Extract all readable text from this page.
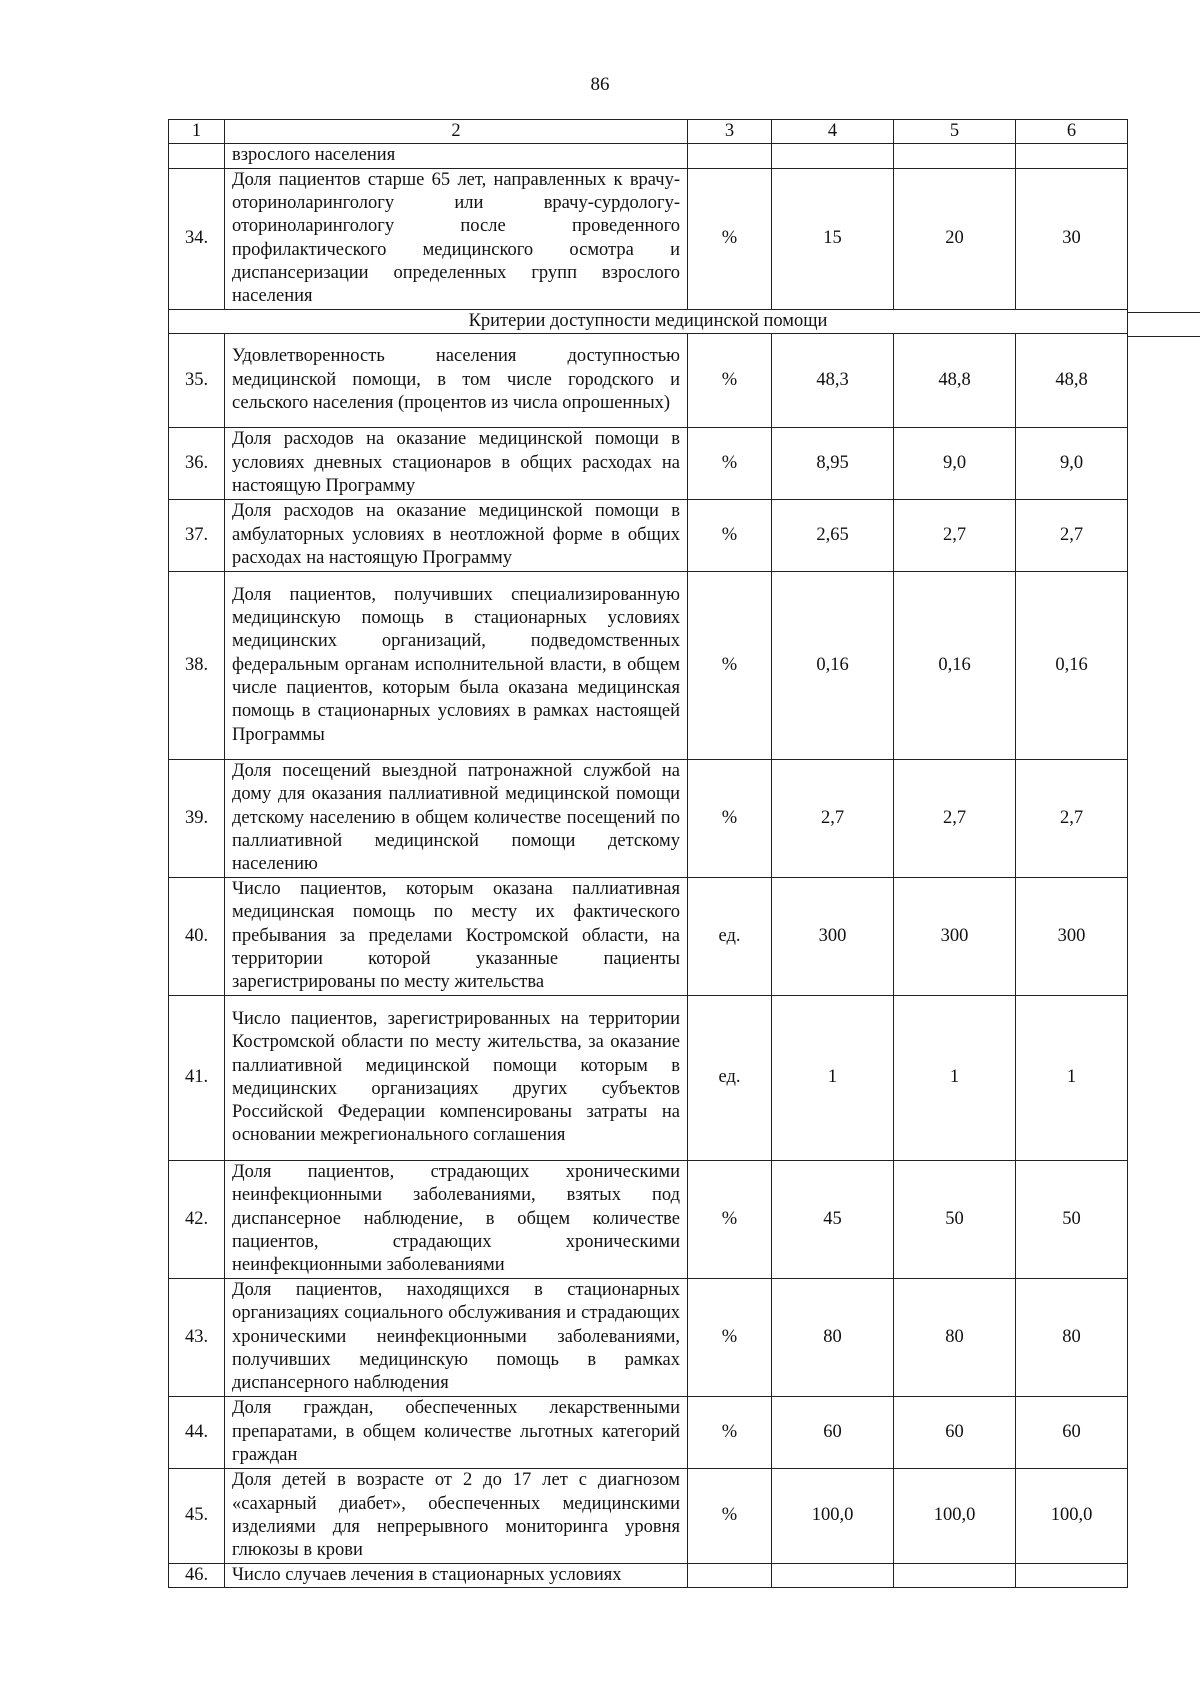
86
1	2	3	4	5	6
	взрослого населения				
34.	Доля пациентов старше 65 лет, направленных к врачу-оториноларингологу или врачу-сурдологу-оториноларингологу после проведенного профилактического медицинского осмотра и диспансеризации определенных групп взрослого населения	%	15	20	30
Критерии доступности медицинской помощи					
35.	Удовлетворенность населения доступностью медицинской помощи, в том числе городского и сельского населения (процентов из числа опрошенных)	%	48,3	48,8	48,8
36.	Доля расходов на оказание медицинской помощи в условиях дневных стационаров в общих расходах на настоящую Программу	%	8,95	9,0	9,0
37.	Доля расходов на оказание медицинской помощи в амбулаторных условиях в неотложной форме в общих расходах на настоящую Программу	%	2,65	2,7	2,7
38.	Доля пациентов, получивших специализированную медицинскую помощь в стационарных условиях медицинских организаций, подведомственных федеральным органам исполнительной власти, в общем числе пациентов, которым была оказана медицинская помощь в стационарных условиях в рамках настоящей Программы	%	0,16	0,16	0,16
39.	Доля посещений выездной патронажной службой на дому для оказания паллиативной медицинской помощи детскому населению в общем количестве посещений по паллиативной медицинской помощи детскому населению	%	2,7	2,7	2,7
40.	Число пациентов, которым оказана паллиативная медицинская помощь по месту их фактического пребывания за пределами Костромской области, на территории которой указанные пациенты зарегистрированы по месту жительства	ед.	300	300	300
41.	Число пациентов, зарегистрированных на территории Костромской области по месту жительства, за оказание паллиативной медицинской помощи которым в медицинских организациях других субъектов Российской Федерации компенсированы затраты на основании межрегионального соглашения	ед.	1	1	1
42.	Доля пациентов, страдающих хроническими неинфекционными заболеваниями, взятых под диспансерное наблюдение, в общем количестве пациентов, страдающих хроническими неинфекционными заболеваниями	%	45	50	50
43.	Доля пациентов, находящихся в стационарных организациях социального обслуживания и страдающих хроническими неинфекционными заболеваниями, получивших медицинскую помощь в рамках диспансерного наблюдения	%	80	80	80
44.	Доля граждан, обеспеченных лекарственными препаратами, в общем количестве льготных категорий граждан	%	60	60	60
45.	Доля детей в возрасте от 2 до 17 лет с диагнозом «сахарный диабет», обеспеченных медицинскими изделиями для непрерывного мониторинга уровня глюкозы в крови	%	100,0	100,0	100,0
46.	Число случаев лечения в стационарных условиях				
